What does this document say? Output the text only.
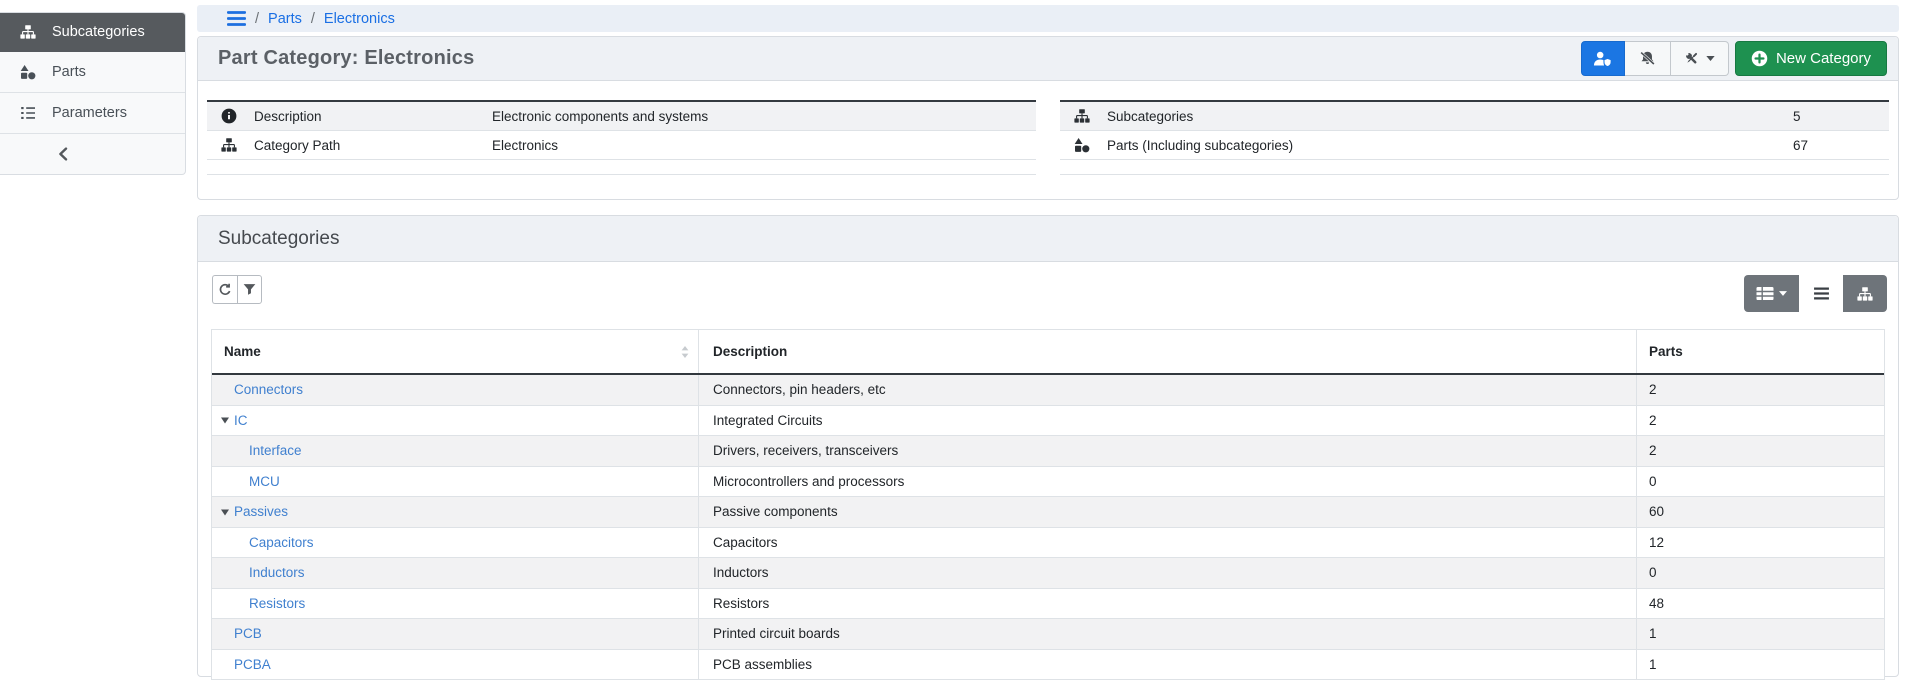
Subcategories
Parts
Parameters
/ Parts / Electronics
Part Category: Electronics	New Category
Description	Electronic components and systems
Category Path	Electronics
Subcategories	5
Parts (Including subcategories)	67
Subcategories
Name	Description	Parts
Connectors	Connectors, pin headers, etc	2
IC	Integrated Circuits	2
Interface	Drivers, receivers, transceivers	2
MCU	Microcontrollers and processors	0
Passives	Passive components	60
Capacitors	Capacitors	12
Inductors	Inductors	0
Resistors	Resistors	48
PCB	Printed circuit boards	1
PCBA	PCB assemblies	1
